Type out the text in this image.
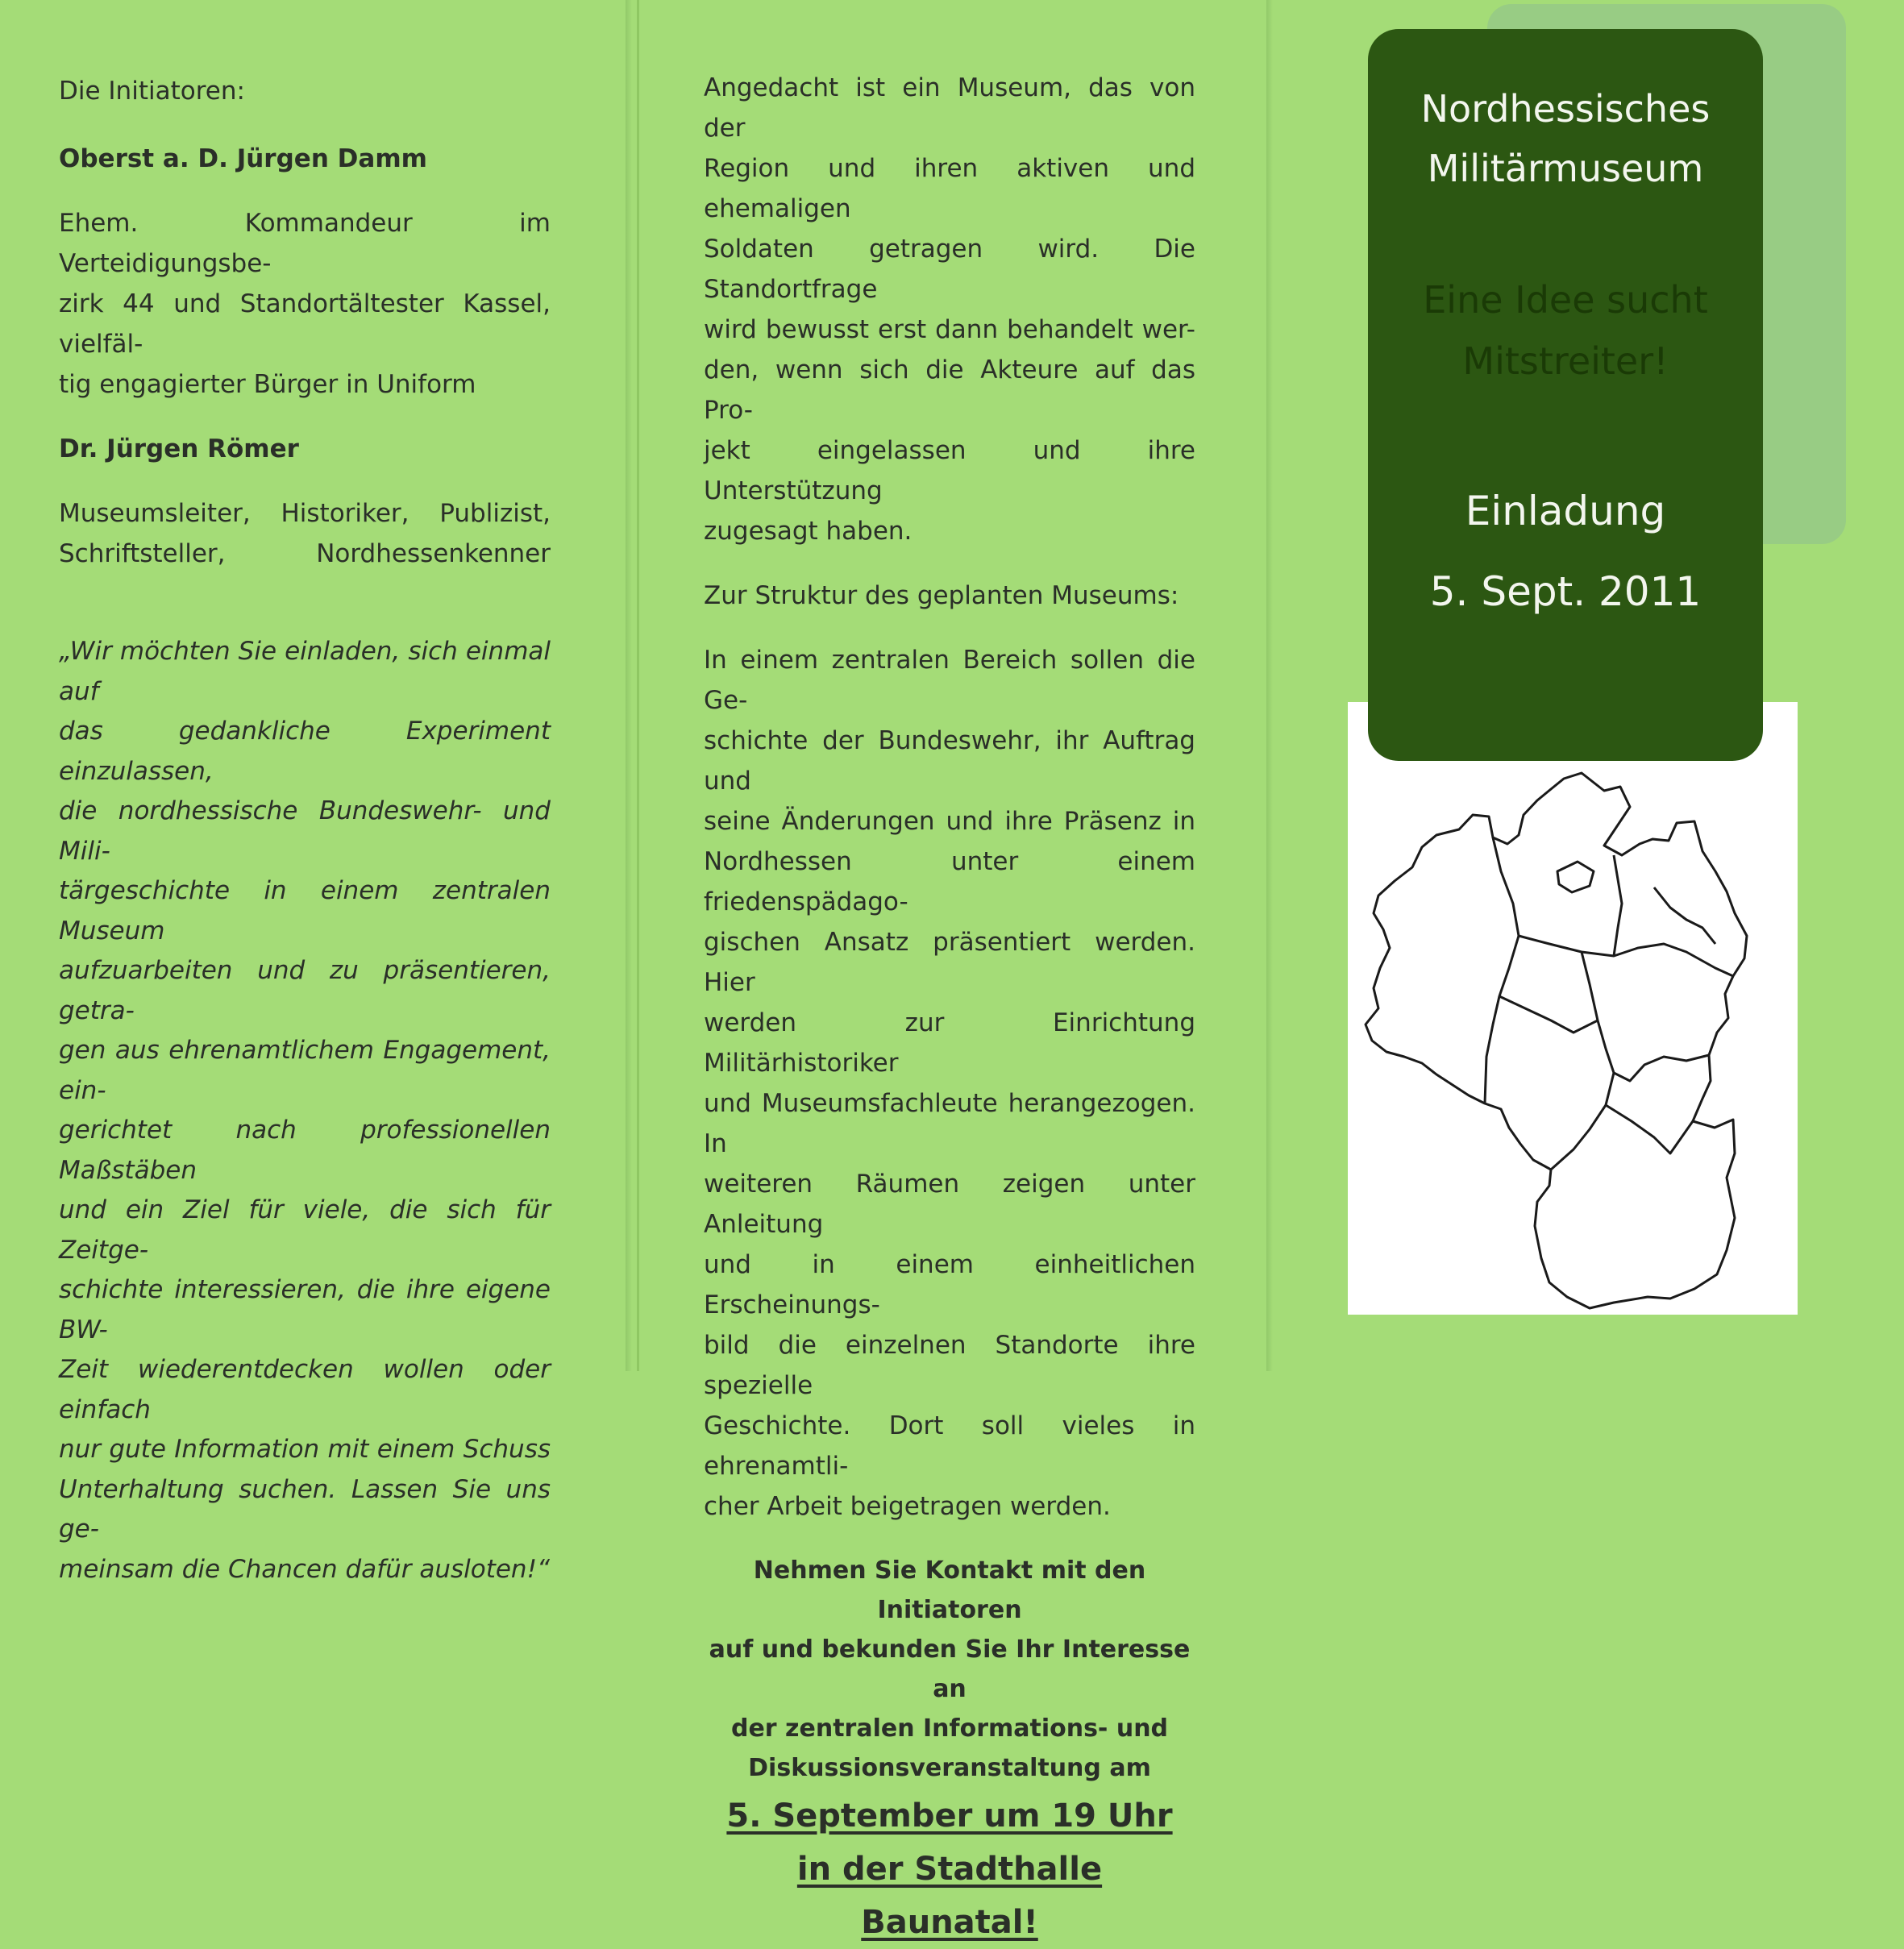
Die Initiatoren:

Oberst a. D. Jürgen Damm

Ehem. Kommandeur im Verteidigungsbe-
zirk 44 und Standortältester Kassel, vielfäl-
tig engagierter Bürger in Uniform

Dr. Jürgen Römer

Museumsleiter, Historiker, Publizist,
Schriftsteller, Nordhessenkenner

„Wir möchten Sie einladen, sich einmal auf
das gedankliche Experiment einzulassen,
die nordhessische Bundeswehr- und Mili-
tärgeschichte in einem zentralen Museum
aufzuarbeiten und zu präsentieren, getra-
gen aus ehrenamtlichem Engagement, ein-
gerichtet nach professionellen Maßstäben
und ein Ziel für viele, die sich für Zeitge-
schichte interessieren, die ihre eigene BW-
Zeit wiederentdecken wollen oder einfach
nur gute Information mit einem Schuss
Unterhaltung suchen. Lassen Sie uns ge-
meinsam die Chancen dafür ausloten!“

Angedacht ist ein Museum, das von der
Region und ihren aktiven und ehemaligen
Soldaten getragen wird. Die Standortfrage
wird bewusst erst dann behandelt wer-
den, wenn sich die Akteure auf das Pro-
jekt eingelassen und ihre Unterstützung
zugesagt haben.

Zur Struktur des geplanten Museums:

In einem zentralen Bereich sollen die Ge-
schichte der Bundeswehr, ihr Auftrag und
seine Änderungen und ihre Präsenz in
Nordhessen unter einem friedenspädago-
gischen Ansatz präsentiert werden. Hier
werden zur Einrichtung Militärhistoriker
und Museumsfachleute herangezogen. In
weiteren Räumen zeigen unter Anleitung
und in einem einheitlichen Erscheinungs-
bild die einzelnen Standorte ihre spezielle
Geschichte. Dort soll vieles in ehrenamtli-
cher Arbeit beigetragen werden.

Nehmen Sie Kontakt mit den Initiatoren
auf und bekunden Sie Ihr Interesse an
der zentralen Informations- und
Diskussionsveranstaltung am

5. September um 19 Uhr
in der Stadthalle Baunatal!

Nordhessisches
Militärmuseum
Eine Idee sucht
Mitstreiter!
Einladung
5. Sept. 2011
